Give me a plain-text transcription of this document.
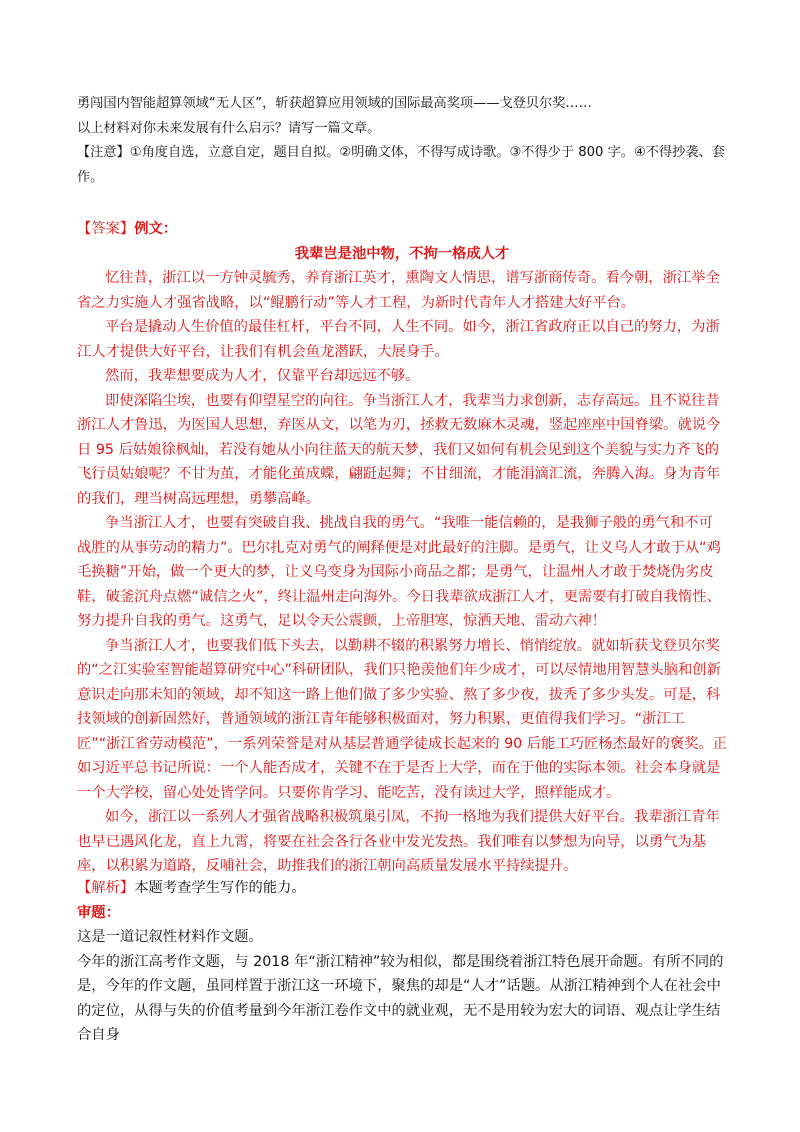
勇闯国内智能超算领域“无人区”，斩获超算应用领域的国际最高奖项——戈登贝尔奖……

以上材料对你未来发展有什么启示？请写一篇文章。

【注意】①角度自选，立意自定，题目自拟。②明确文体，不得写成诗歌。③不得少于 800 字。④不得抄袭、套作。

【答案】例文：
我辈岂是池中物，不拘一格成人才

忆往昔，浙江以一方钟灵毓秀，养育浙江英才，熏陶文人情思，谱写浙商传奇。看今朝，浙江举全省之力实施人才强省战略，以“鲲鹏行动”等人才工程，为新时代青年人才搭建大好平台。

平台是撬动人生价值的最佳杠杆，平台不同，人生不同。如今，浙江省政府正以自己的努力，为浙江人才提供大好平台，让我们有机会鱼龙潜跃，大展身手。

然而，我辈想要成为人才，仅靠平台却远远不够。

即使深陷尘埃，也要有仰望星空的向往。争当浙江人才，我辈当力求创新，志存高远。且不说往昔浙江人才鲁迅，为医国人思想，弃医从文，以笔为刃，拯救无数麻木灵魂，竖起座座中国脊梁。就说今日 95 后姑娘徐枫灿，若没有她从小向往蓝天的航天梦，我们又如何有机会见到这个美貌与实力齐飞的飞行员姑娘呢？不甘为茧，才能化茧成蝶，翩跹起舞；不甘细流，才能涓滴汇流，奔腾入海。身为青年的我们，理当树高远理想，勇攀高峰。

争当浙江人才，也要有突破自我、挑战自我的勇气。“我唯一能信赖的，是我狮子般的勇气和不可战胜的从事劳动的精力”。巴尔扎克对勇气的阐释便是对此最好的注脚。是勇气，让义乌人才敢于从“鸡毛换糖”开始，做一个更大的梦，让义乌变身为国际小商品之都；是勇气，让温州人才敢于焚烧伪劣皮鞋，破釜沉舟点燃“诚信之火”，终让温州走向海外。今日我辈欲成浙江人才，更需要有打破自我惰性、努力提升自我的勇气。这勇气，足以令天公震颤，上帝胆寒，惊洒天地、雷动六神！

争当浙江人才，也要我们低下头去，以勤耕不辍的积累努力增长、悄悄绽放。就如斩获戈登贝尔奖的“之江实验室智能超算研究中心”科研团队，我们只艳羡他们年少成才，可以尽情地用智慧头脑和创新意识走向那未知的领域，却不知这一路上他们做了多少实验、熬了多少夜，拔秃了多少头发。可是，科技领域的创新固然好，普通领域的浙江青年能够积极面对，努力积累，更值得我们学习。“浙江工匠”“浙江省劳动模范”，一系列荣誉是对从基层普通学徒成长起来的 90 后能工巧匠杨杰最好的褒奖。正如习近平总书记所说：一个人能否成才，关键不在于是否上大学，而在于他的实际本领。社会本身就是一个大学校，留心处处皆学问。只要你肯学习、能吃苦，没有读过大学，照样能成才。

如今，浙江以一系列人才强省战略积极筑巢引凤，不拘一格地为我们提供大好平台。我辈浙江青年也早已遇风化龙，直上九霄，将要在社会各行各业中发光发热。我们唯有以梦想为向导，以勇气为基座，以积累为道路，反哺社会，助推我们的浙江朝向高质量发展水平持续提升。

【解析】本题考查学生写作的能力。

审题：

这是一道记叙性材料作文题。

今年的浙江高考作文题，与 2018 年“浙江精神”较为相似，都是围绕着浙江特色展开命题。有所不同的是，今年的作文题，虽同样置于浙江这一环境下，聚焦的却是“人才”话题。从浙江精神到个人在社会中的定位，从得与失的价值考量到今年浙江卷作文中的就业观，无不是用较为宏大的词语、观点让学生结合自身
